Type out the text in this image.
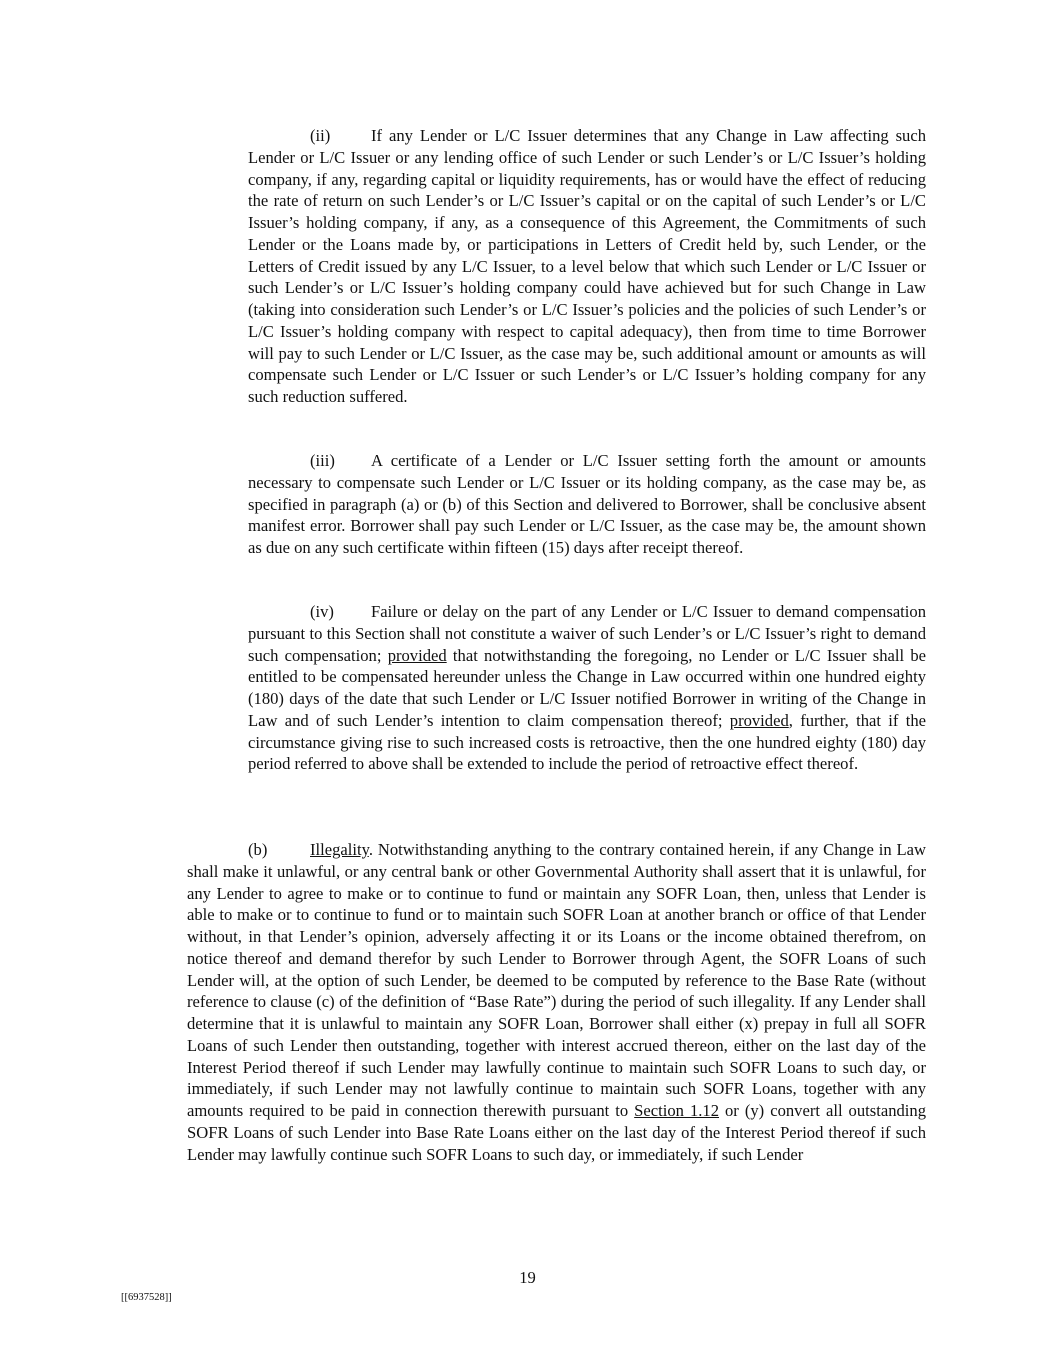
(ii) If any Lender or L/C Issuer determines that any Change in Law affecting such Lender or L/C Issuer or any lending office of such Lender or such Lender’s or L/C Issuer’s holding company, if any, regarding capital or liquidity requirements, has or would have the effect of reducing the rate of return on such Lender’s or L/C Issuer’s capital or on the capital of such Lender’s or L/C Issuer’s holding company, if any, as a consequence of this Agreement, the Commitments of such Lender or the Loans made by, or participations in Letters of Credit held by, such Lender, or the Letters of Credit issued by any L/C Issuer, to a level below that which such Lender or L/C Issuer or such Lender’s or L/C Issuer’s holding company could have achieved but for such Change in Law (taking into consideration such Lender’s or L/C Issuer’s policies and the policies of such Lender’s or L/C Issuer’s holding company with respect to capital adequacy), then from time to time Borrower will pay to such Lender or L/C Issuer, as the case may be, such additional amount or amounts as will compensate such Lender or L/C Issuer or such Lender’s or L/C Issuer’s holding company for any such reduction suffered.

(iii) A certificate of a Lender or L/C Issuer setting forth the amount or amounts necessary to compensate such Lender or L/C Issuer or its holding company, as the case may be, as specified in paragraph (a) or (b) of this Section and delivered to Borrower, shall be conclusive absent manifest error. Borrower shall pay such Lender or L/C Issuer, as the case may be, the amount shown as due on any such certificate within fifteen (15) days after receipt thereof.

(iv) Failure or delay on the part of any Lender or L/C Issuer to demand compensation pursuant to this Section shall not constitute a waiver of such Lender’s or L/C Issuer’s right to demand such compensation; provided that notwithstanding the foregoing, no Lender or L/C Issuer shall be entitled to be compensated hereunder unless the Change in Law occurred within one hundred eighty (180) days of the date that such Lender or L/C Issuer notified Borrower in writing of the Change in Law and of such Lender’s intention to claim compensation thereof; provided, further, that if the circumstance giving rise to such increased costs is retroactive, then the one hundred eighty (180) day period referred to above shall be extended to include the period of retroactive effect thereof.

(b)	Illegality. Notwithstanding anything to the contrary contained herein, if any Change in Law shall make it unlawful, or any central bank or other Governmental Authority shall assert that it is unlawful, for any Lender to agree to make or to continue to fund or maintain any SOFR Loan, then, unless that Lender is able to make or to continue to fund or to maintain such SOFR Loan at another branch or office of that Lender without, in that Lender’s opinion, adversely affecting it or its Loans or the income obtained therefrom, on notice thereof and demand therefor by such Lender to Borrower through Agent, the SOFR Loans of such Lender will, at the option of such Lender, be deemed to be computed by reference to the Base Rate (without reference to clause (c) of the definition of “Base Rate”) during the period of such illegality. If any Lender shall determine that it is unlawful to maintain any SOFR Loan, Borrower shall either (x) prepay in full all SOFR Loans of such Lender then outstanding, together with interest accrued thereon, either on the last day of the Interest Period thereof if such Lender may lawfully continue to maintain such SOFR Loans to such day, or immediately, if such Lender may not lawfully continue to maintain such SOFR Loans, together with any amounts required to be paid in connection therewith pursuant to Section 1.12 or (y) convert all outstanding SOFR Loans of such Lender into Base Rate Loans either on the last day of the Interest Period thereof if such Lender may lawfully continue such SOFR Loans to such day, or immediately, if such Lender

19
[[6937528]]
